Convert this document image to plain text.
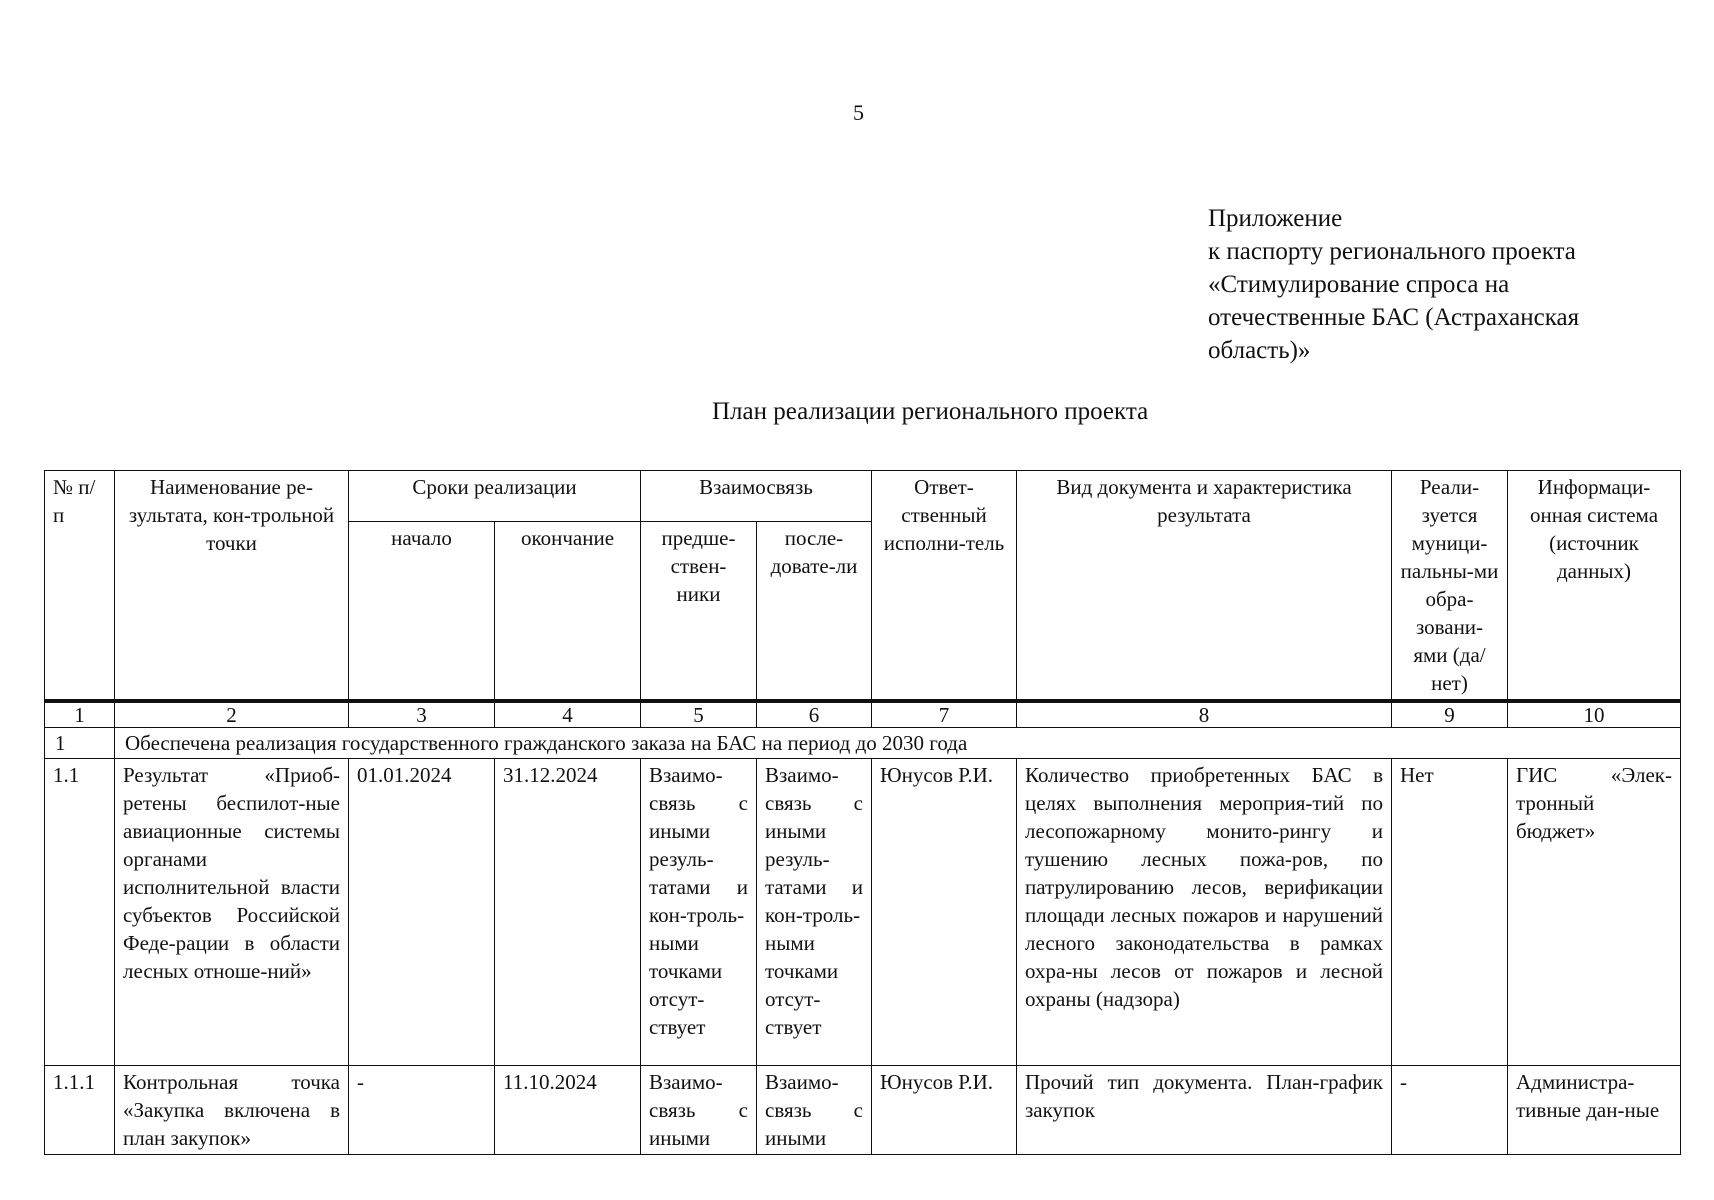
5
Приложение
к паспорту регионального проекта
«Стимулирование спроса на
отечественные БАС (Астраханская
область)»
План реализации регионального проекта
№ п/п	Наименование ре-зультата, кон-трольной точки	Сроки реализации		Взаимосвязь		Ответ-ственный исполни-тель	Вид документа и характеристика результата	Реали-зуется муници-пальны-ми обра-зовани-ями (да/нет)	Информаци-онная система (источник данных)
		начало	окончание	предше-ствен-ники	после-довате-ли				
1	2	3	4	5	6	7	8	9	10
1	Обеспечена реализация государственного гражданского заказа на БАС на период до 2030 года								
1.1	Результат «Приоб-ретены беспилот-ные авиационные системы органами исполнительной власти субъектов Российской Феде-рации в области лесных отноше-ний»	01.01.2024	31.12.2024	Взаимо-связь с иными резуль-татами и кон-троль-ными точками отсут-ствует	Взаимо-связь с иными резуль-татами и кон-троль-ными точками отсут-ствует	Юнусов Р.И.	Количество приобретенных БАС в целях выполнения мероприя-тий по лесопожарному монито-рингу и тушению лесных пожа-ров, по патрулированию лесов, верификации площади лесных пожаров и нарушений лесного законодательства в рамках охра-ны лесов от пожаров и лесной охраны (надзора)	Нет	ГИС «Элек-тронный бюджет»
1.1.1	Контрольная точка «Закупка включена в план закупок»	-	11.10.2024	Взаимо-связь с иными	Взаимо-связь с иными	Юнусов Р.И.	Прочий тип документа. План-график закупок	-	Администра-тивные дан-ные
